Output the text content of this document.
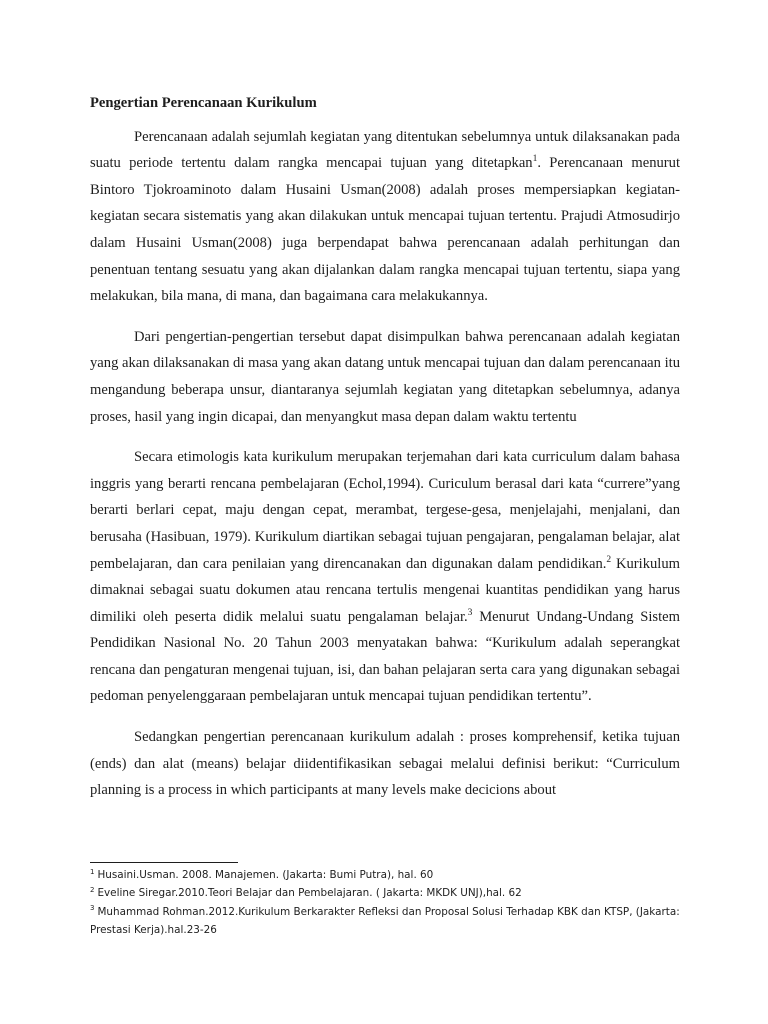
Pengertian Perencanaan Kurikulum

Perencanaan adalah sejumlah kegiatan yang ditentukan sebelumnya untuk dilaksanakan pada suatu periode tertentu dalam rangka mencapai tujuan yang ditetapkan$^1$. Perencanaan menurut Bintoro Tjokroaminoto dalam Husaini Usman(2008) adalah proses mempersiapkan kegiatan-kegiatan secara sistematis yang akan dilakukan untuk mencapai tujuan tertentu. Prajudi Atmosudirjo dalam Husaini Usman(2008) juga berpendapat bahwa perencanaan adalah perhitungan dan penentuan tentang sesuatu yang akan dijalankan dalam rangka mencapai tujuan tertentu, siapa yang melakukan, bila mana, di mana, dan bagaimana cara melakukannya.

Dari pengertian-pengertian tersebut dapat disimpulkan bahwa perencanaan adalah kegiatan yang akan dilaksanakan di masa yang akan datang untuk mencapai tujuan dan dalam perencanaan itu mengandung beberapa unsur, diantaranya sejumlah kegiatan yang ditetapkan sebelumnya, adanya proses, hasil yang ingin dicapai, dan menyangkut masa depan dalam waktu tertentu

Secara etimologis kata kurikulum merupakan terjemahan dari kata curriculum dalam bahasa inggris yang berarti rencana pembelajaran (Echol,1994). Curiculum berasal dari kata “currere”yang berarti berlari cepat, maju dengan cepat, merambat, tergese-gesa, menjelajahi, menjalani, dan berusaha (Hasibuan, 1979). Kurikulum diartikan sebagai tujuan pengajaran, pengalaman belajar, alat pembelajaran, dan cara penilaian yang direncanakan dan digunakan dalam pendidikan.$^2$ Kurikulum dimaknai sebagai suatu dokumen atau rencana tertulis mengenai kuantitas pendidikan yang harus dimiliki oleh peserta didik melalui suatu pengalaman belajar.$^3$ Menurut Undang-Undang Sistem Pendidikan Nasional No. 20 Tahun 2003 menyatakan bahwa: “Kurikulum adalah seperangkat rencana dan pengaturan mengenai tujuan, isi, dan bahan pelajaran serta cara yang digunakan sebagai pedoman penyelenggaraan pembelajaran untuk mencapai tujuan pendidikan tertentu”.

Sedangkan pengertian perencanaan kurikulum adalah : proses komprehensif, ketika tujuan (ends) dan alat (means) belajar diidentifikasikan sebagai melalui definisi berikut: “Curriculum planning is a process in which participants at many levels make decicions about

$^1$ Husaini.Usman. 2008. Manajemen. (Jakarta: Bumi Putra), hal. 60

$^2$ Eveline Siregar.2010.Teori Belajar dan Pembelajaran. ( Jakarta: MKDK UNJ),hal. 62

$^3$ Muhammad Rohman.2012.Kurikulum Berkarakter Refleksi dan Proposal Solusi Terhadap KBK dan KTSP, (Jakarta: Prestasi Kerja).hal.23-26
